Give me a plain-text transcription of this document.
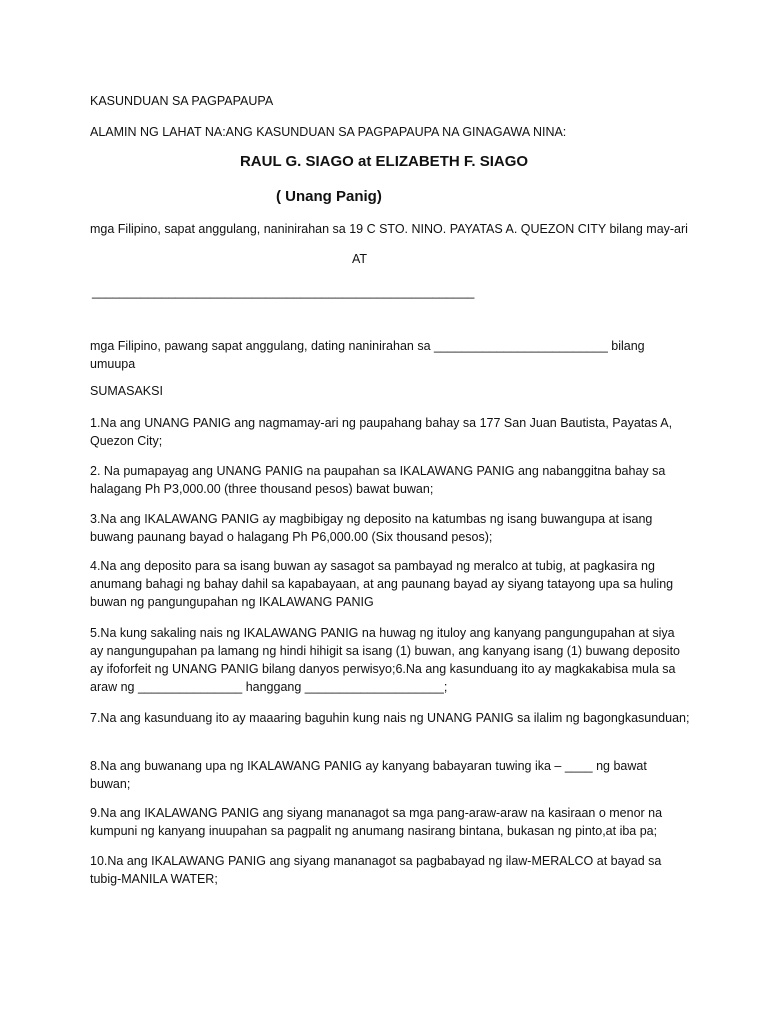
KASUNDUAN SA PAGPAPAUPA
ALAMIN NG LAHAT NA:ANG KASUNDUAN SA PAGPAPAUPA NA GINAGAWA NINA:
RAUL G. SIAGO at ELIZABETH F. SIAGO
( Unang Panig)
mga Filipino, sapat anggulang, naninirahan sa 19 C STO. NINO. PAYATAS A. QUEZON CITY bilang may-ari
AT
_______________________________________________________
mga Filipino, pawang sapat anggulang, dating naninirahan sa _________________________ bilang umuupa
SUMASAKSI
1.Na ang UNANG PANIG ang nagmamay-ari ng paupahang bahay sa 177 San Juan Bautista, Payatas A, Quezon City;
2. Na pumapayag ang UNANG PANIG na paupahan sa IKALAWANG PANIG ang nabanggitna bahay sa halagang Ph P3,000.00 (three thousand pesos) bawat buwan;
3.Na ang IKALAWANG PANIG ay magbibigay ng deposito na katumbas ng isang buwangupa at isang buwang paunang bayad o halagang Ph P6,000.00 (Six thousand pesos);
4.Na ang deposito para sa isang buwan ay sasagot sa pambayad ng meralco at tubig, at pagkasira ng anumang bahagi ng bahay dahil sa kapabayaan, at ang paunang bayad ay siyang tatayong upa sa huling buwan ng pangungupahan ng IKALAWANG PANIG
5.Na kung sakaling nais ng IKALAWANG PANIG na huwag ng ituloy ang kanyang pangungupahan at siya ay nangungupahan pa lamang ng hindi hihigit sa isang (1) buwan, ang kanyang isang (1) buwang deposito ay ifoforfeit ng UNANG PANIG bilang danyos perwisyo;6.Na ang kasunduang ito ay magkakabisa mula sa araw ng _______________ hanggang ____________________;
7.Na ang kasunduang ito ay maaaring baguhin kung nais ng UNANG PANIG sa ilalim ng bagongkasunduan;
8.Na ang buwanang upa ng IKALAWANG PANIG ay kanyang babayaran tuwing ika – ____ ng bawat buwan;
9.Na ang IKALAWANG PANIG ang siyang mananagot sa mga pang-araw-araw na kasiraan o menor na kumpuni ng kanyang inuupahan sa pagpalit ng anumang nasirang bintana, bukasan ng pinto,at iba pa;
10.Na ang IKALAWANG PANIG ang siyang mananagot sa pagbabayad ng ilaw-MERALCO at bayad sa tubig-MANILA WATER;
